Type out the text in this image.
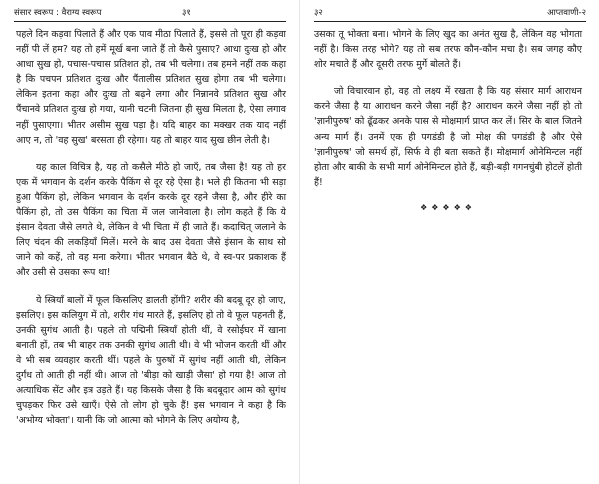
संसार स्वरूप : वैराग्य स्वरूप	३१

पहले दिन कड़वा पिलाते हैं और एक पाव मीठा पिलाते हैं, इससे तो पूरा ही कड़वा नहीं पी लें हम? यह तो हमें मूर्ख बना जाते हैं तो कैसे पुसाए? आधा दुःख हो और आधा सुख हो, पचास-पचास प्रतिशत हो, तब भी चलेगा। तब हमने नहीं तक कहा है कि पचपन प्रतिशत दुःख और पैंतालीस प्रतिशत सुख होगा तब भी चलेगा। लेकिन इतना कहा और दुःख तो बढ़ने लगा और निन्नानवे प्रतिशत सुख और पैंचानवे प्रतिशत दुःख हो गया, यानी चटनी जितना ही सुख मिलता है, ऐसा लगाव नहीं पुसाएगा। भीतर असीम सुख पड़ा है। यदि बाहर का मक्खर तक याद नहीं आए न, तो 'वह सुख' बरसता ही रहेगा। यह तो बाहर याद सुख छीन लेती है।

यह काल विचित्र है, यह तो कसैले मीठे हो जाएँ, तब जैसा है! यह तो हर एक में भगवान के दर्शन करके पैकिंग से दूर रहे ऐसा है। भले ही कितना भी सड़ा हुआ पैकिंग हो, लेकिन भगवान के दर्शन करके दूर रहने जैसा है, और हीरे का पैकिंग हो, तो उस पैकिंग का चिता में जल जानेवाला है। लोग कहते हैं कि ये इंसान देवता जैसे लगते थे, लेकिन वे भी चिता में ही जाते हैं। कदाचित् जलाने के लिए चंदन की लकड़ियाँ मिलें। मरने के बाद उस देवता जैसे इंसान के साथ सो जाने को कहें, तो वह मना करेगा। भीतर भगवान बैठे थे, वे स्व-पर प्रकाशक हैं और उसी से उसका रूप था!

ये स्त्रियाँ बालों में फूल किसलिए डालती होंगी? शरीर की बदबू दूर हो जाए, इसलिए। इस कलियुग में तो, शरीर गंध मारते हैं, इसलिए हो तो वे फूल पहनती हैं, उनकी सुगंध आती है। पहले तो पद्मिनी स्त्रियाँ होती थीं, वे रसोईघर में खाना बनाती हों, तब भी बाहर तक उनकी सुगंध आती थी। वे भी भोजन करती थीं और वे भी सब व्यवहार करती थीं। पहले के पुरुषों में सुगंध नहीं आती थी, लेकिन दुर्गंध तो आती ही नहीं थी। आज तो 'बीड़ा को खाड़ी जैसा' हो गया है! आज तो अत्याधिक सेंट और इत्र उड़ते हैं। यह किसके जैसा है कि बदबूदार आम को सुगंध चुपड़कर फिर उसे खाएँ। ऐसे तो लोग हो चुके हैं! इस भगवान ने कहा है कि 'अभोग्य भोक्ता'। यानी कि जो आत्मा को भोगने के लिए अयोग्य है,

३२	आप्तवाणी-२

उसका तू भोक्ता बना। भोगने के लिए खुद का अनंत सुख है, लेकिन वह भोगता नहीं है। किस तरह भोगे? यह तो सब तरफ कौन-कौन मचा है। सब जगह कौए शोर मचाते हैं और दूसरी तरफ मुर्गे बोलते हैं।

जो विचारवान हो, वह तो लक्ष्य में रखता है कि यह संसार मार्ग आराधन करने जैसा है या आराधन करने जैसा नहीं है? आराधन करने जैसा नहीं हो तो 'ज्ञानीपुरुष' को ढूँढकर अनके पास से मोक्षमार्ग प्राप्त कर लें। सिर के बाल जितने अन्य मार्ग हैं। उनमें एक ही पगडंडी है जो मोक्ष की पगडंडी है और ऐसे 'ज्ञानीपुरुष' जो समर्थ हों, सिर्फ वे ही बता सकते हैं। मोक्षमार्ग ओनेमिन्टल नहीं होता और बाकी के सभी मार्ग ओनेमिन्टल होते हैं, बड़ी-बड़ी गगनचुंबी होटलें होती हैं!

❖❖❖❖❖
